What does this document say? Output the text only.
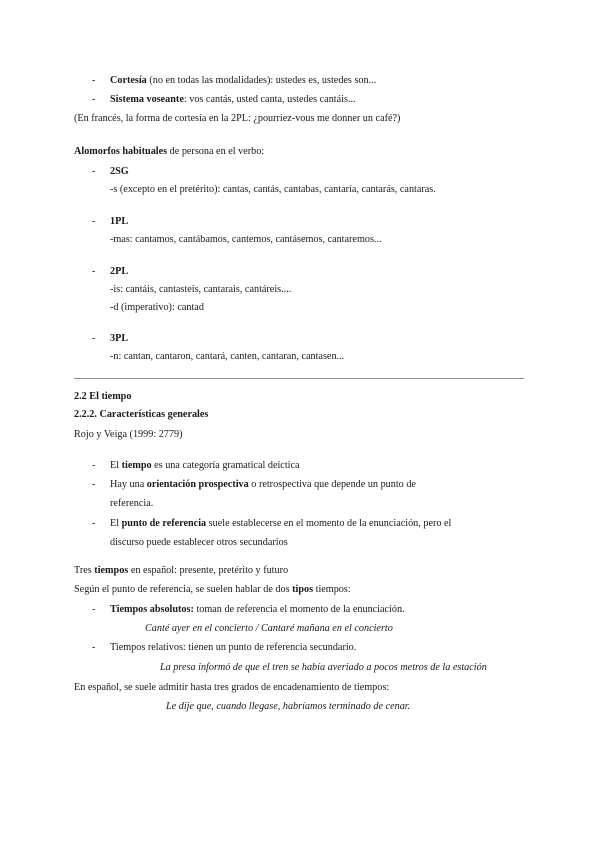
- Cortesía (no en todas las modalidades): ustedes es, ustedes son...
- Sistema voseante: vos cantás, usted canta, ustedes cantáis...
(En francés, la forma de cortesía en la 2PL: ¿pourriez-vous me donner un café?)
Alomorfos habituales de persona en el verbo:
- 2SG
-s (excepto en el pretérito): cantas, cantás, cantabas, cantaría, cantarás, cantaras.
- 1PL
-mas: cantamos, cantábamos, cantemos, cantásemos, cantaremos...
- 2PL
-is: cantáis, cantasteis, cantarais, cantáreis....
-d (imperativo): cantad
- 3PL
-n: cantan, cantaron, cantará, canten, cantaran, cantasen...
2.2 El tiempo
2.2.2. Características generales
Rojo y Veiga (1999: 2779)
- El tiempo es una categoría gramatical deíctica
- Hay una orientación prospectiva o retrospectiva que depende un punto de
referencia.
- El punto de referencia suele establecerse en el momento de la enunciación, pero el
discurso puede establecer otros secundarios
Tres tiempos en español: presente, pretérito y futuro
Según el punto de referencia, se suelen hablar de dos tipos tiempos:
- Tiempos absolutos: toman de referencia el momento de la enunciación.
Canté ayer en el concierto / Cantaré mañana en el concierto
- Tiempos relativos: tienen un punto de referencia secundario.
La presa informó de que el tren se había averiado a pocos metros de la estación
En español, se suele admitir hasta tres grados de encadenamiento de tiempos:
Le dije que, cuando llegase, habríamos terminado de cenar.
